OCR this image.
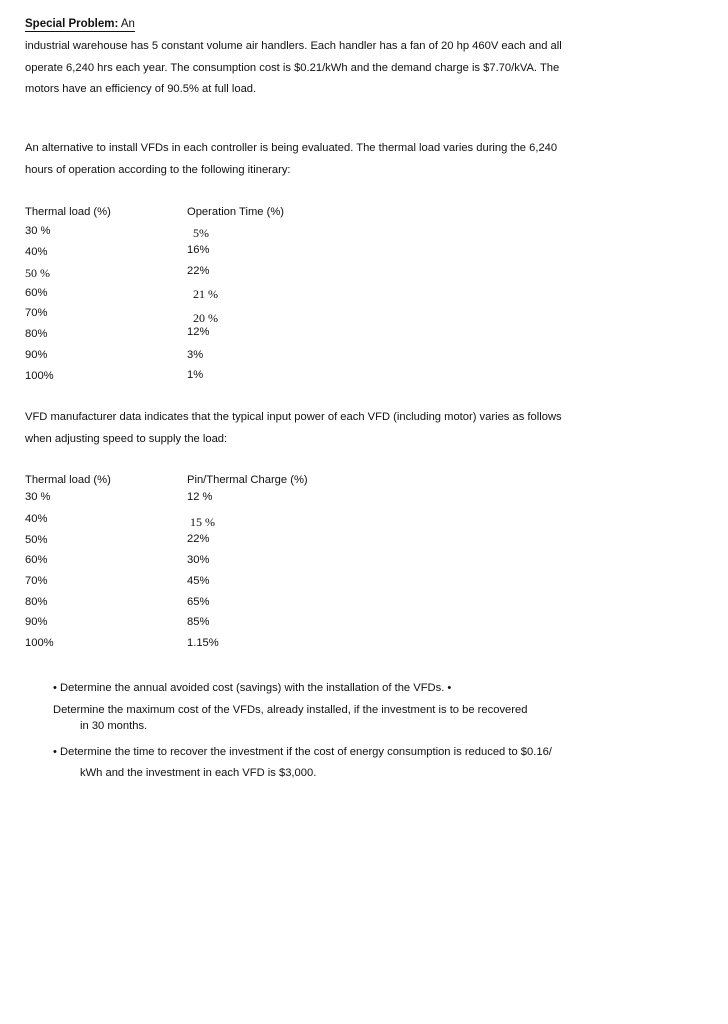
Special Problem: An
industrial warehouse has 5 constant volume air handlers. Each handler has a fan of 20 hp 460V each and all
operate 6,240 hrs each year. The consumption cost is $0.21/kWh and the demand charge is $7.70/kVA. The
motors have an efficiency of 90.5% at full load.
An alternative to install VFDs in each controller is being evaluated. The thermal load varies during the 6,240
hours of operation according to the following itinerary:
Thermal load (%)	Operation Time (%)
30 %
40%
50 %
60%
70%
80%
90%
100%
5%
16%
22%
21 %
20 %
12%
3%
1%
VFD manufacturer data indicates that the typical input power of each VFD (including motor) varies as follows
when adjusting speed to supply the load:
Thermal load (%)	Pin/Thermal Charge (%)
30 %
40%
50%
60%
70%
80%
90%
100%
12 %
15 %
22%
30%
45%
65%
85%
1.15%
• Determine the annual avoided cost (savings) with the installation of the VFDs. •
Determine the maximum cost of the VFDs, already installed, if the investment is to be recovered
in 30 months.
• Determine the time to recover the investment if the cost of energy consumption is reduced to $0.16/
kWh and the investment in each VFD is $3,000.
